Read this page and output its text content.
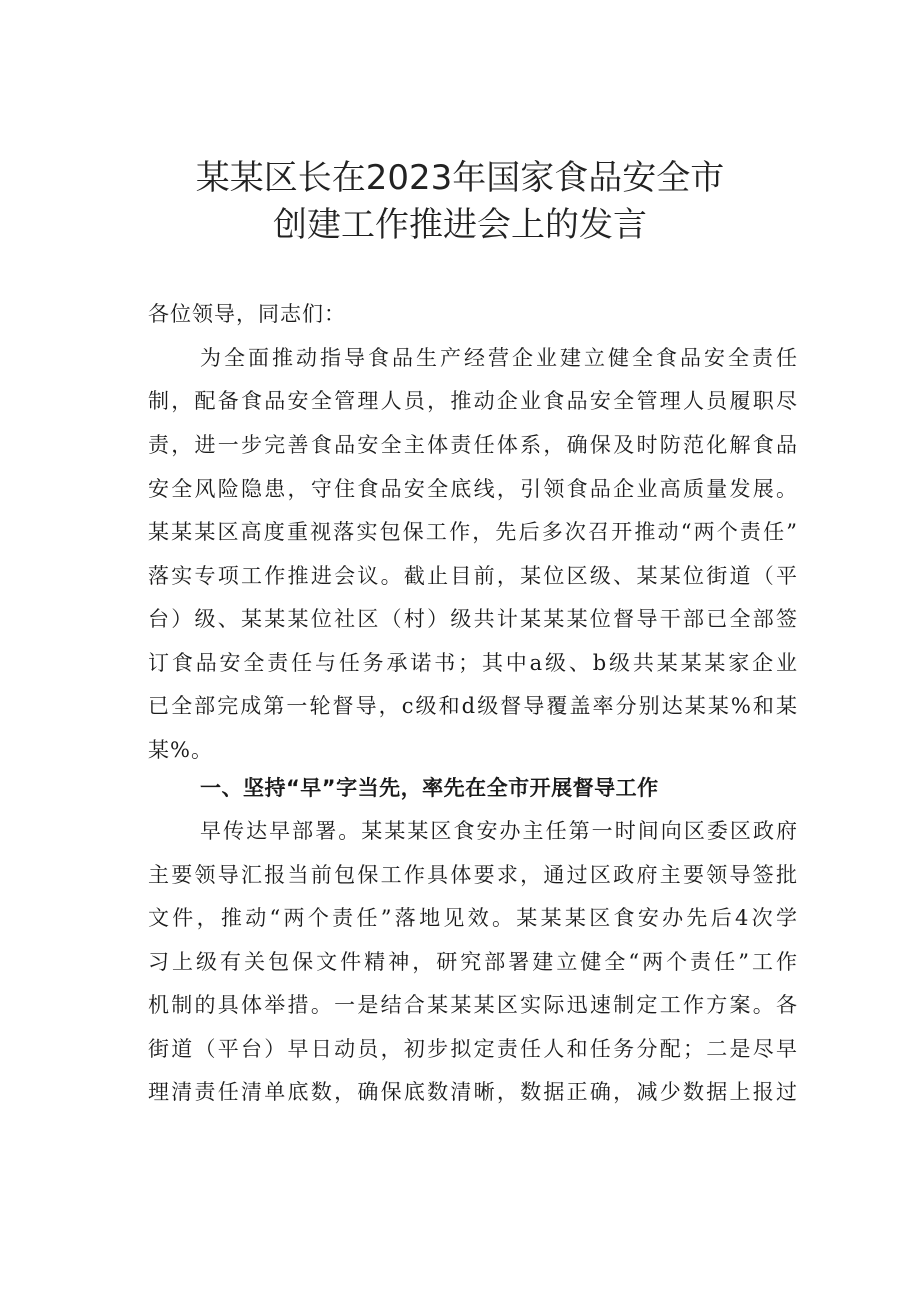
某某区长在2023年国家食品安全市
创建工作推进会上的发言
各位领导，同志们：
为全面推动指导食品生产经营企业建立健全食品安全责任
制，配备食品安全管理人员，推动企业食品安全管理人员履职尽
责，进一步完善食品安全主体责任体系，确保及时防范化解食品
安全风险隐患，守住食品安全底线，引领食品企业高质量发展。
某某某区高度重视落实包保工作，先后多次召开推动“两个责任”
落实专项工作推进会议。截止目前，某位区级、某某位街道（平
台）级、某某某位社区（村）级共计某某某位督导干部已全部签
订食品安全责任与任务承诺书；其中a级、b级共某某某家企业
已全部完成第一轮督导，c级和d级督导覆盖率分别达某某%和某
某%。
一、坚持“早”字当先，率先在全市开展督导工作
早传达早部署。某某某区食安办主任第一时间向区委区政府
主要领导汇报当前包保工作具体要求，通过区政府主要领导签批
文件，推动“两个责任”落地见效。某某某区食安办先后4次学
习上级有关包保文件精神，研究部署建立健全“两个责任”工作
机制的具体举措。一是结合某某某区实际迅速制定工作方案。各
街道（平台）早日动员，初步拟定责任人和任务分配；二是尽早
理清责任清单底数，确保底数清晰，数据正确，减少数据上报过
